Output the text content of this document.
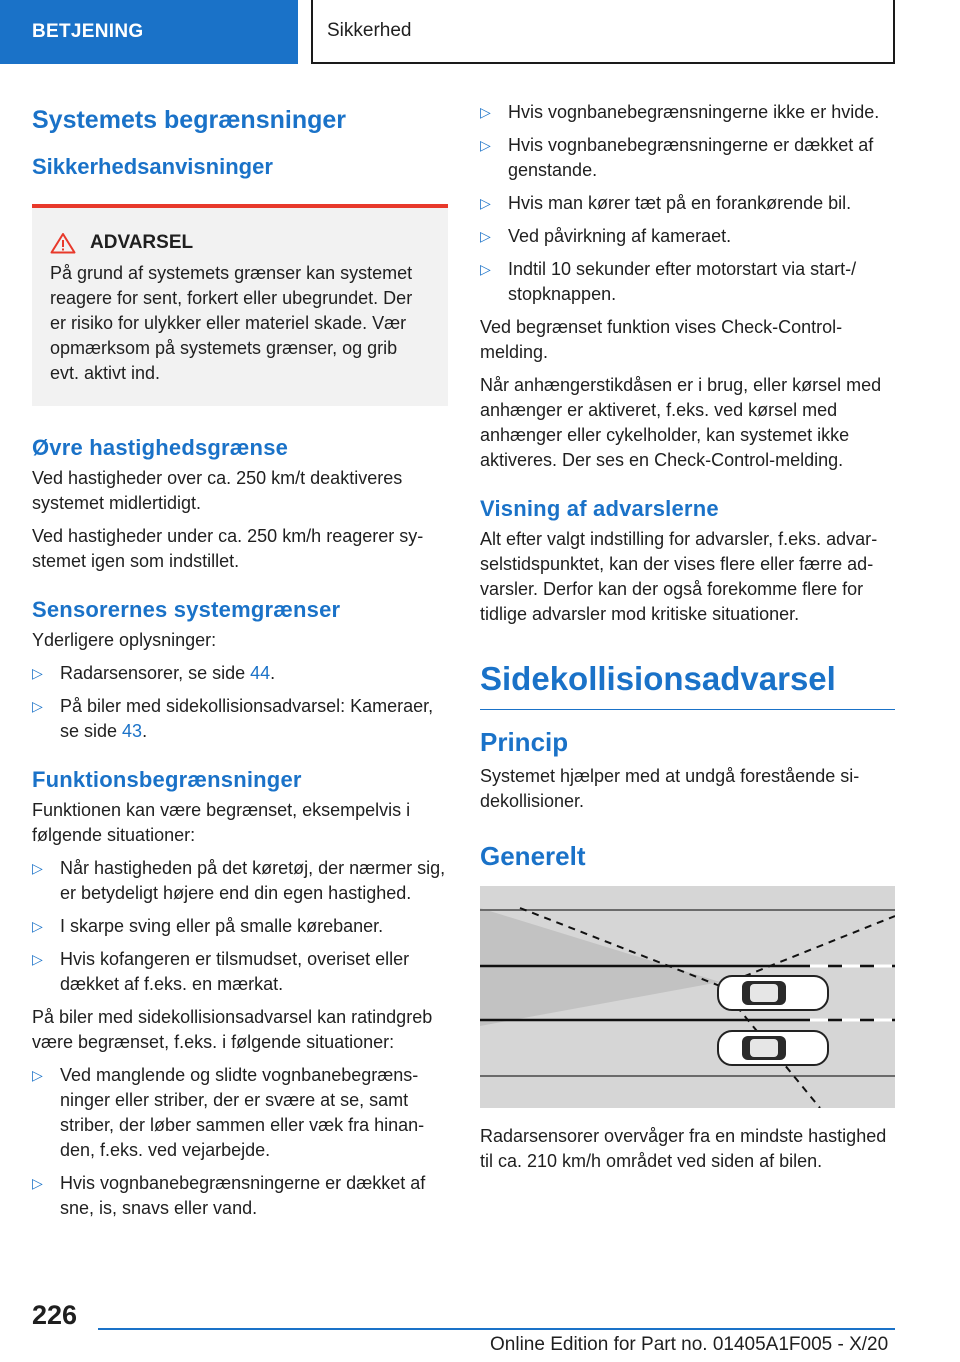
BETJENING	Sikkerhed
Systemets begrænsninger
Sikkerhedsanvisninger
ADVARSEL

På grund af systemets grænser kan systemet reagere for sent, forkert eller ubegrundet. Der er risiko for ulykker eller materiel skade. Vær opmærksom på systemets grænser, og grib evt. aktivt ind.

Øvre hastighedsgrænse

Ved hastigheder over ca. 250 km/t deaktiveres systemet midlertidigt.

Ved hastigheder under ca. 250 km/h reagerer systemet igen som indstillet.

Sensorernes systemgrænser

Yderligere oplysninger:

▷ Radarsensorer, se side 44.
▷ På biler med sidekollisionsadvarsel: Kameraer, se side 43.
Funktionsbegrænsninger

Funktionen kan være begrænset, eksempelvis i følgende situationer:

▷ Når hastigheden på det køretøj, der nærmer sig, er betydeligt højere end din egen hastighed.
▷ I skarpe sving eller på smalle kørebaner.
▷ Hvis kofangeren er tilsmudset, overiset eller dækket af f.eks. en mærkat.

På biler med sidekollisionsadvarsel kan ratindgreb være begrænset, f.eks. i følgende situationer:

▷ Ved manglende og slidte vognbanebegrænsninger eller striber, der er svære at se, samt striber, der løber sammen eller væk fra hinanden, f.eks. ved vejarbejde.
▷ Hvis vognbanebegrænsningerne er dækket af sne, is, snavs eller vand.
▷ Hvis vognbanebegrænsningerne ikke er hvide.
▷ Hvis vognbanebegrænsningerne er dækket af genstande.
▷ Hvis man kører tæt på en forankørende bil.
▷ Ved påvirkning af kameraet.
▷ Indtil 10 sekunder efter motorstart via start-/ stopknappen.

Ved begrænset funktion vises Check-Control-melding.

Når anhængerstikdåsen er i brug, eller kørsel med anhænger er aktiveret, f.eks. ved kørsel med anhænger eller cykelholder, kan systemet ikke aktiveres. Der ses en Check-Control-melding.

Visning af advarslerne

Alt efter valgt indstilling for advarsler, f.eks. advarselstidspunktet, kan der vises flere eller færre advarsler. Derfor kan der også forekomme flere for tidlige advarsler mod kritiske situationer.

Sidekollisionsadvarsel
Princip

Systemet hjælper med at undgå forestående sidekollisioner.

Generelt

Radarsensorer overvåger fra en mindste hastighed til ca. 210 km/h området ved siden af bilen.

226
Online Edition for Part no. 01405A1F005 - X/20
